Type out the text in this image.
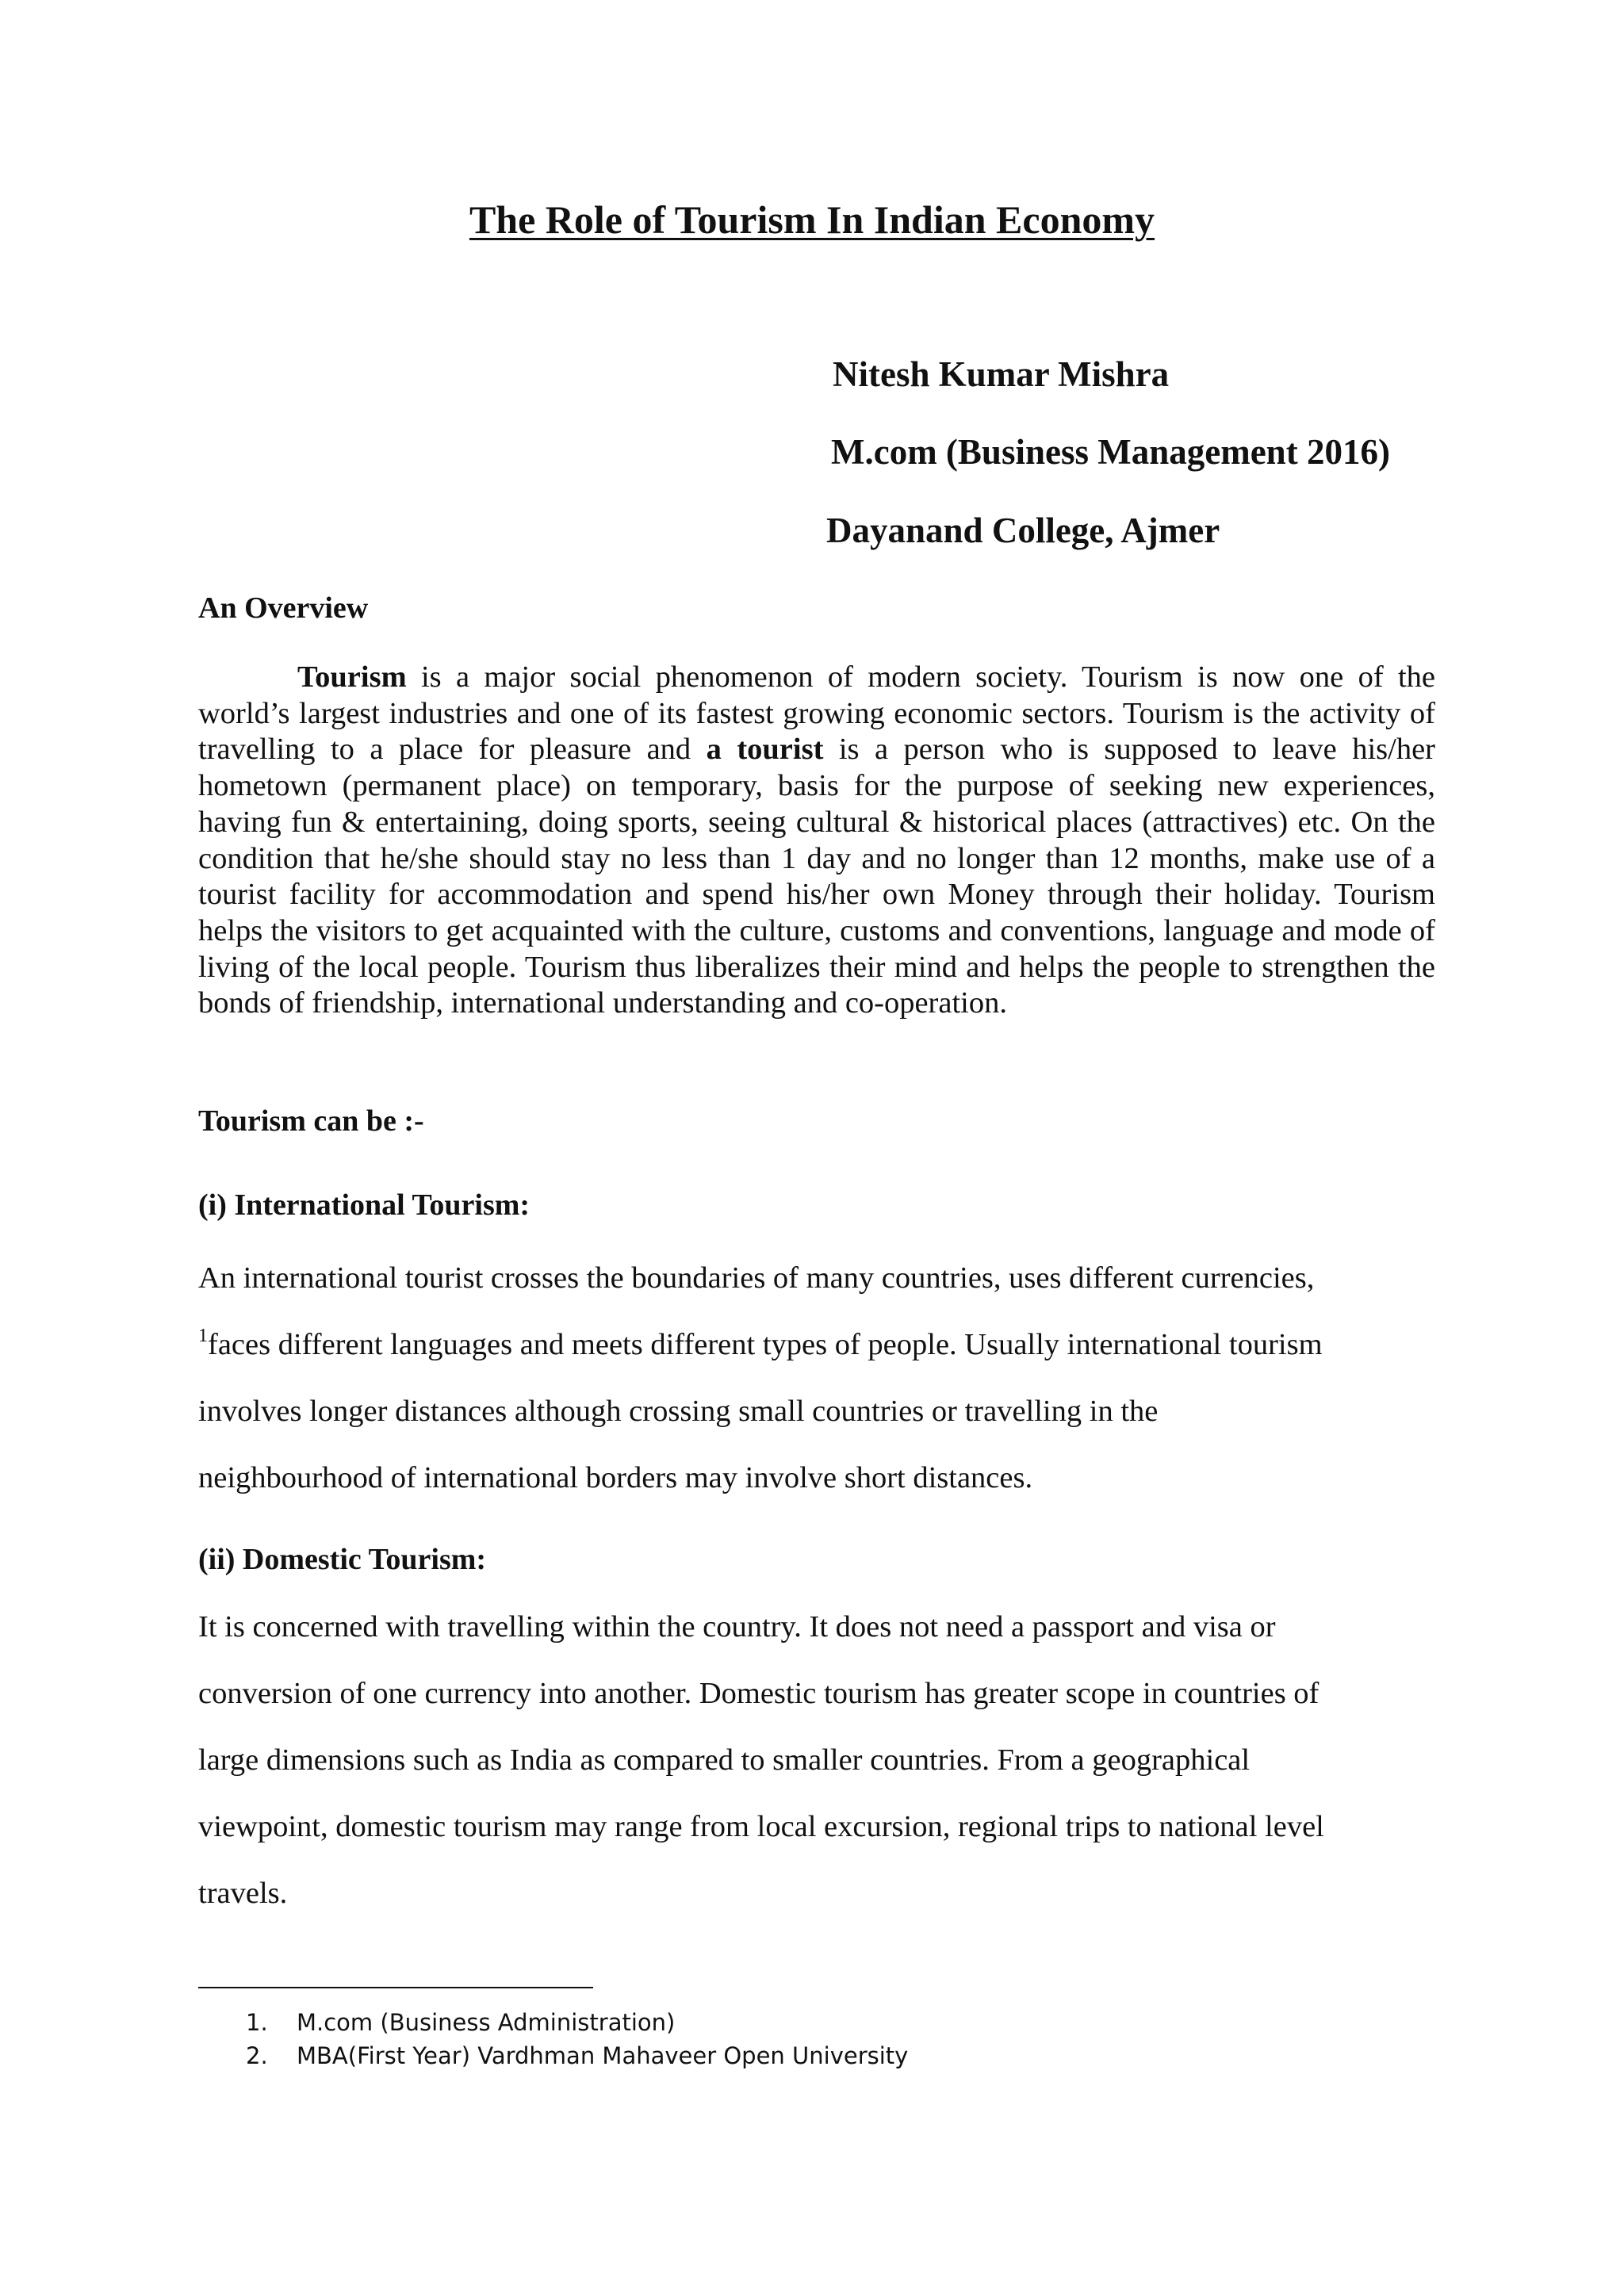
The Role of Tourism In Indian Economy
Nitesh Kumar Mishra
M.com (Business Management 2016)
Dayanand College, Ajmer
An Overview

Tourism is a major social phenomenon of modern society. Tourism is now one of the world’s largest industries and one of its fastest growing economic sectors. Tourism is the activity of travelling to a place for pleasure and a tourist is a person who is supposed to leave his/her hometown (permanent place) on temporary, basis for the purpose of seeking new experiences, having fun & entertaining, doing sports, seeing cultural & historical places (attractives) etc. On the condition that he/she should stay no less than 1 day and no longer than 12 months, make use of a tourist facility for accommodation and spend his/her own Money through their holiday. Tourism helps the visitors to get acquainted with the culture, customs and conventions, language and mode of living of the local people. Tourism thus liberalizes their mind and helps the people to strengthen the bonds of friendship, international understanding and co-operation.

Tourism can be :-
(i) International Tourism:

An international tourist crosses the boundaries of many countries, uses different currencies,
$^1$faces different languages and meets different types of people. Usually international tourism
involves longer distances although crossing small countries or travelling in the
neighbourhood of international borders may involve short distances.

(ii) Domestic Tourism:

It is concerned with travelling within the country. It does not need a passport and visa or
conversion of one currency into another. Domestic tourism has greater scope in countries of
large dimensions such as India as compared to smaller countries. From a geographical
viewpoint, domestic tourism may range from local excursion, regional trips to national level
travels.

1. M.com (Business Administration)
2. MBA(First Year) Vardhman Mahaveer Open University
